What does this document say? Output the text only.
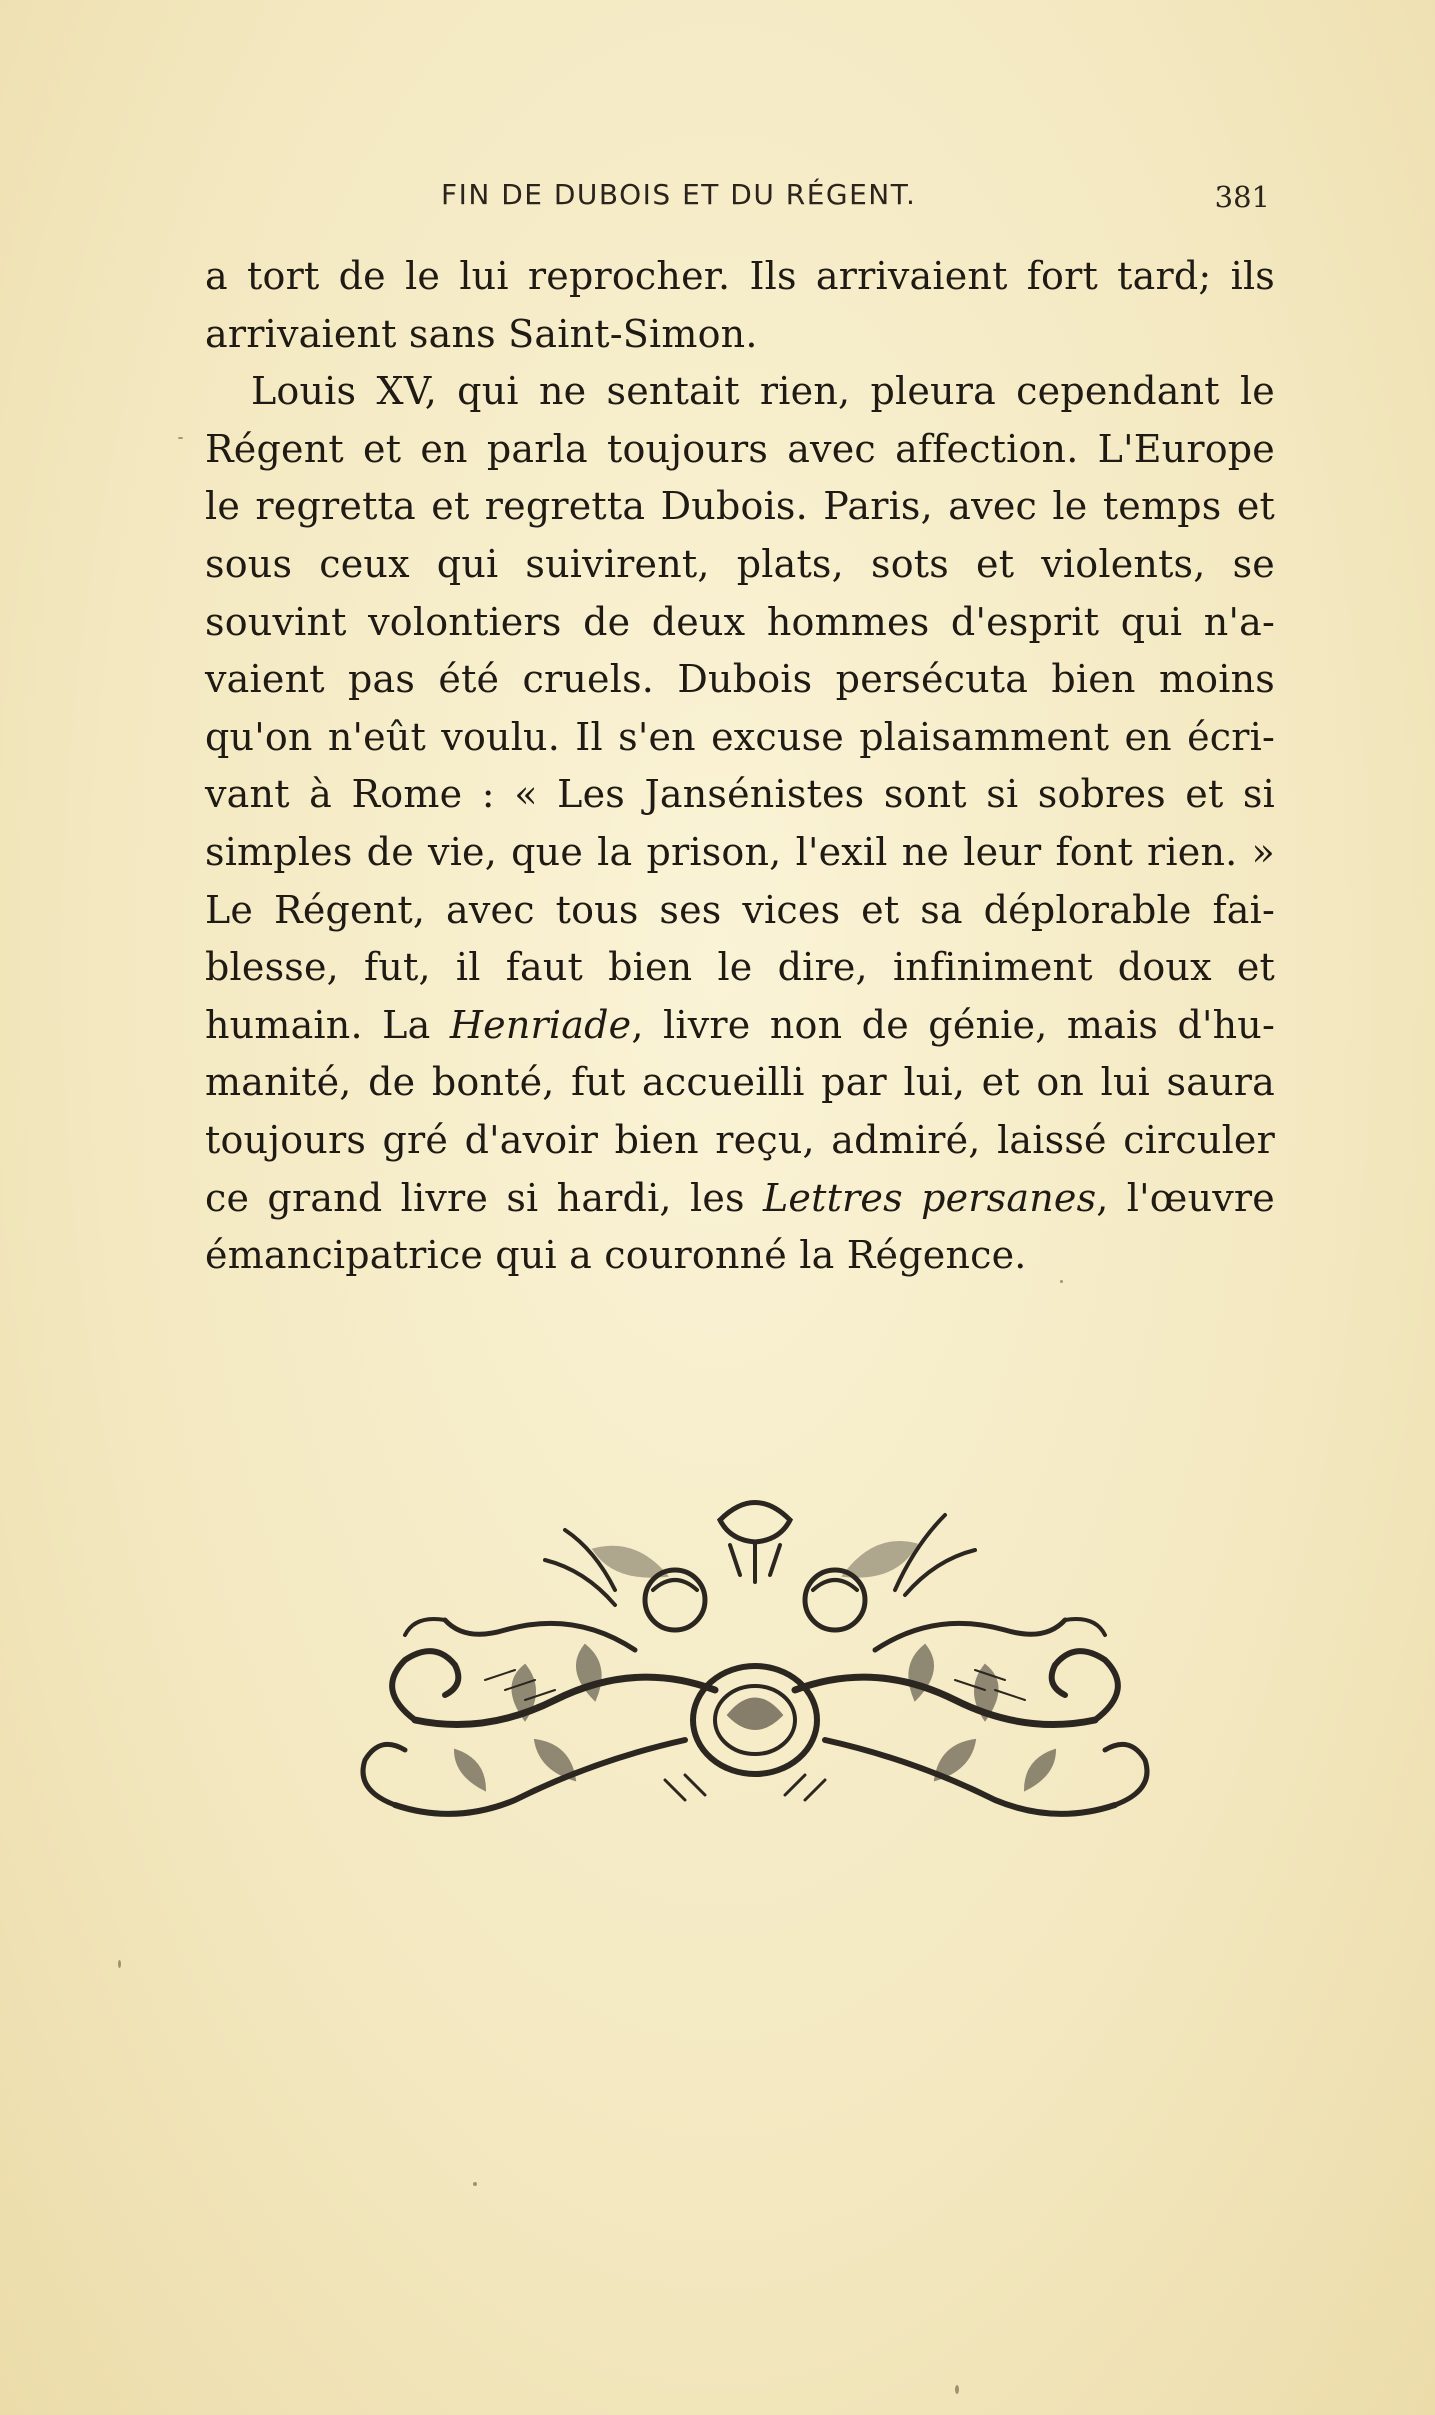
FIN DE DUBOIS ET DU RÉGENT.	381
a tort de le lui reprocher. Ils arrivaient fort tard; ils
arrivaient sans Saint-Simon.
Louis XV, qui ne sentait rien, pleura cependant le
Régent et en parla toujours avec affection. L'Europe
le regretta et regretta Dubois. Paris, avec le temps et
sous ceux qui suivirent, plats, sots et violents, se
souvint volontiers de deux hommes d'esprit qui n'a-
vaient pas été cruels. Dubois persécuta bien moins
qu'on n'eût voulu. Il s'en excuse plaisamment en écri-
vant à Rome : « Les Jansénistes sont si sobres et si
simples de vie, que la prison, l'exil ne leur font rien. »
Le Régent, avec tous ses vices et sa déplorable fai-
blesse, fut, il faut bien le dire, infiniment doux et
humain. La Henriade, livre non de génie, mais d'hu-
manité, de bonté, fut accueilli par lui, et on lui saura
toujours gré d'avoir bien reçu, admiré, laissé circuler
ce grand livre si hardi, les Lettres persanes, l'œuvre
émancipatrice qui a couronné la Régence.
